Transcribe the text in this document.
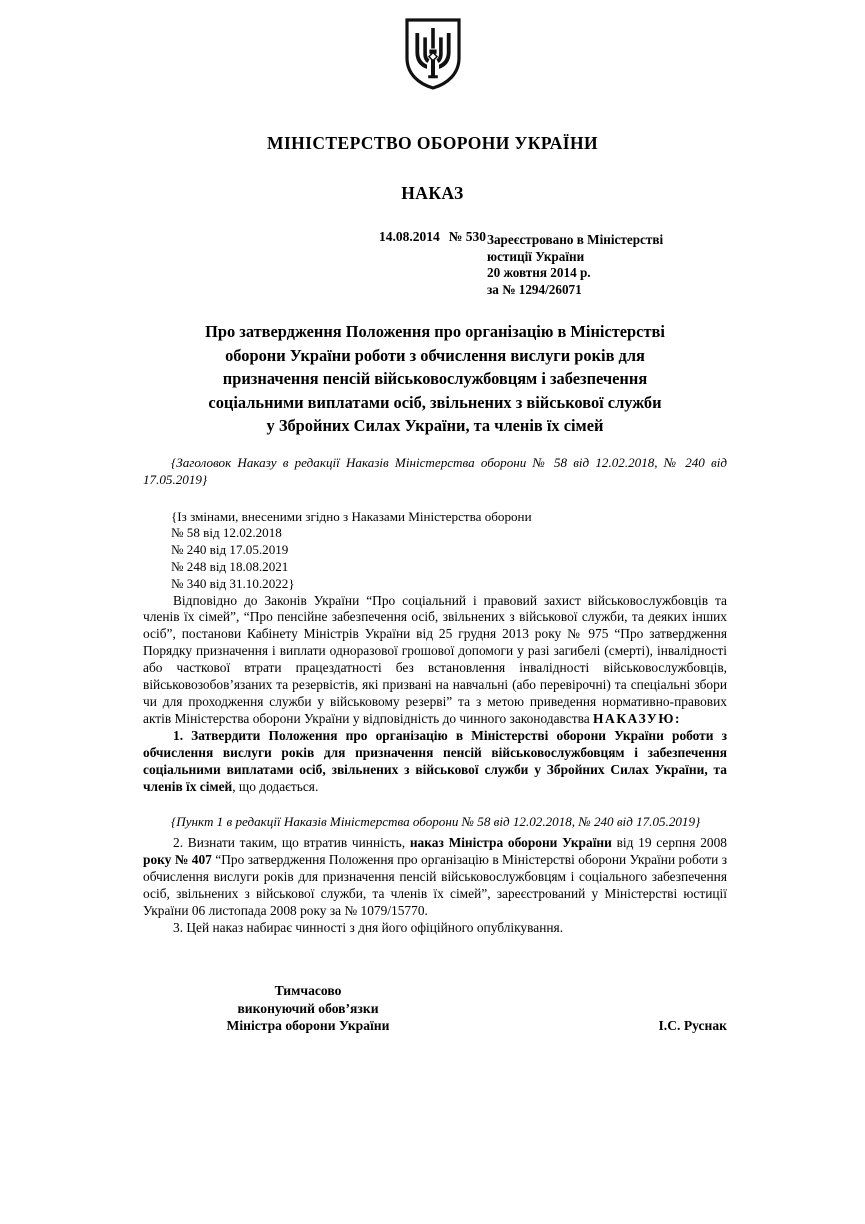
МІНІСТЕРСТВО ОБОРОНИ УКРАЇНИ
НАКАЗ
14.08.2014 № 530 Зареєстровано в Міністерстві
юстиції України
20 жовтня 2014 р.
за № 1294/26071
Про затвердження Положення про організацію в Міністерстві
оборони України роботи з обчислення вислуги років для
призначення пенсій військовослужбовцям і забезпечення
соціальними виплатами осіб, звільнених з військової служби
у Збройних Силах України, та членів їх сімей

{Заголовок Наказу в редакції Наказів Міністерства оборони № 58 від 12.02.2018, № 240 від 17.05.2019}

{Із змінами, внесеними згідно з Наказами Міністерства оборони
№ 58 від 12.02.2018
№ 240 від 17.05.2019
№ 248 від 18.08.2021
№ 340 від 31.10.2022}

Відповідно до Законів України “Про соціальний і правовий захист військовослужбовців та членів їх сімей”, “Про пенсійне забезпечення осіб, звільнених з військової служби, та деяких інших осіб”, постанови Кабінету Міністрів України від 25 грудня 2013 року № 975 “Про затвердження Порядку призначення і виплати одноразової грошової допомоги у разі загибелі (смерті), інвалідності або часткової втрати працездатності без встановлення інвалідності військовослужбовців, військовозобов’язаних та резервістів, які призвані на навчальні (або перевірочні) та спеціальні збори чи для проходження служби у військовому резерві” та з метою приведення нормативно-правових актів Міністерства оборони України у відповідність до чинного законодавства НАКАЗУЮ:

1. Затвердити Положення про організацію в Міністерстві оборони України роботи з обчислення вислуги років для призначення пенсій військовослужбовцям і забезпечення соціальними виплатами осіб, звільнених з військової служби у Збройних Силах України, та членів їх сімей, що додається.

{Пункт 1 в редакції Наказів Міністерства оборони № 58 від 12.02.2018, № 240 від 17.05.2019}

2. Визнати таким, що втратив чинність, наказ Міністра оборони України від 19 серпня 2008 року № 407 “Про затвердження Положення про організацію в Міністерстві оборони України роботи з обчислення вислуги років для призначення пенсій військовослужбовцям і соціального забезпечення осіб, звільнених з військової служби, та членів їх сімей”, зареєстрований у Міністерстві юстиції України 06 листопада 2008 року за № 1079/15770.

3. Цей наказ набирає чинності з дня його офіційного опублікування.

Тимчасово
виконуючий обов’язки
Міністра оборони України	І.С. Руснак
